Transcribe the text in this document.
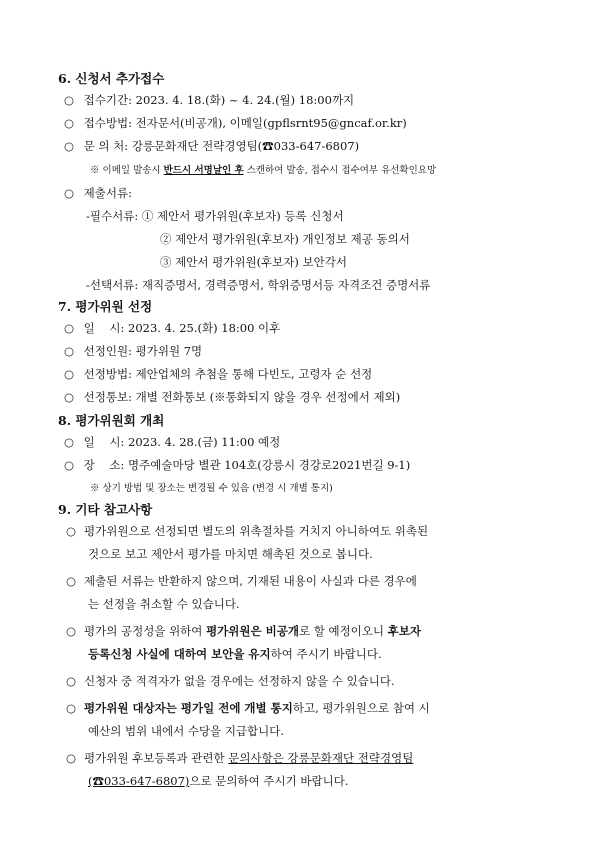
6. 신청서 추가접수
○ 접수기간: 2023. 4. 18.(화) ~ 4. 24.(월) 18:00까지
○ 접수방법: 전자문서(비공개), 이메일(gpflsrnt95@gncaf.or.kr)
○ 문 의 처: 강릉문화재단 전략경영팀(☎033-647-6807)
※ 이메일 발송시 반드시 서명날인 후 스캔하여 발송, 접수시 접수여부 유선확인요망
○ 제출서류:
-필수서류: ① 제안서 평가위원(후보자) 등록 신청서
② 제안서 평가위원(후보자) 개인정보 제공 동의서
③ 제안서 평가위원(후보자) 보안각서
-선택서류: 재직증명서, 경력증명서, 학위증명서등 자격조건 증명서류
7. 평가위원 선정
○ 일    시: 2023. 4. 25.(화) 18:00 이후
○ 선정인원: 평가위원 7명
○ 선정방법: 제안업체의 추첨을 통해 다빈도, 고령자 순 선정
○ 선정통보: 개별 전화통보 (※통화되지 않을 경우 선정에서 제외)
8. 평가위원회 개최
○ 일    시: 2023. 4. 28.(금) 11:00 예정
○ 장    소: 명주예술마당 별관 104호(강릉시 경강로2021번길 9-1)
※ 상기 방법 및 장소는 변경될 수 있음 (변경 시 개별 통지)
9. 기타 참고사항
○ 평가위원으로 선정되면 별도의 위촉절차를 거치지 아니하여도 위촉된
것으로 보고 제안서 평가를 마치면 해촉된 것으로 봅니다.
○ 제출된 서류는 반환하지 않으며, 기재된 내용이 사실과 다른 경우에
는 선정을 취소할 수 있습니다.
○ 평가의 공정성을 위하여 평가위원은 비공개로 할 예정이오니 후보자
등록신청 사실에 대하여 보안을 유지하여 주시기 바랍니다.
○ 신청자 중 적격자가 없을 경우에는 선정하지 않을 수 있습니다.
○ 평가위원 대상자는 평가일 전에 개별 통지하고, 평가위원으로 참여 시
예산의 범위 내에서 수당을 지급합니다.
○ 평가위원 후보등록과 관련한 문의사항은 강릉문화재단 전략경영팀
(☎033-647-6807)으로 문의하여 주시기 바랍니다.
